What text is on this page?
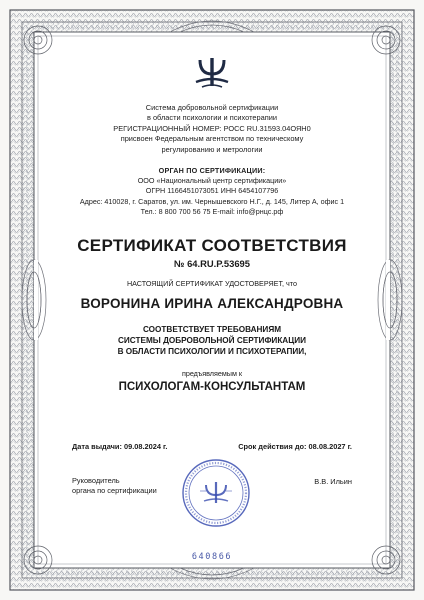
Система добровольной сертификации
в области психологии и психотерапии
РЕГИСТРАЦИОННЫЙ НОМЕР: РОСС RU.31593.04ОЯН0
присвоен Федеральным агентством по техническому
регулированию и метрологии
ОРГАН ПО СЕРТИФИКАЦИИ:
ООО «Национальный центр сертификации»
ОГРН 1166451073051 ИНН 6454107796
Адрес: 410028, г. Саратов, ул. им. Чернышевского Н.Г., д. 145, Литер А, офис 1
Тел.: 8 800 700 56 75 E-mail: info@рнцс.рф
СЕРТИФИКАТ СООТВЕТСТВИЯ
№ 64.RU.P.53695
НАСТОЯЩИЙ СЕРТИФИКАТ УДОСТОВЕРЯЕТ, что
ВОРОНИНА ИРИНА АЛЕКСАНДРОВНА
СООТВЕТСТВУЕТ ТРЕБОВАНИЯМ
СИСТЕМЫ ДОБРОВОЛЬНОЙ СЕРТИФИКАЦИИ
В ОБЛАСТИ ПСИХОЛОГИИ И ПСИХОТЕРАПИИ,
предъявляемым к
ПСИХОЛОГАМ-КОНСУЛЬТАНТАМ
Дата выдачи: 09.08.2024 г.	Срок действия до: 08.08.2027 г.
Руководитель
органа по сертификации
В.В. Ильин
640866
